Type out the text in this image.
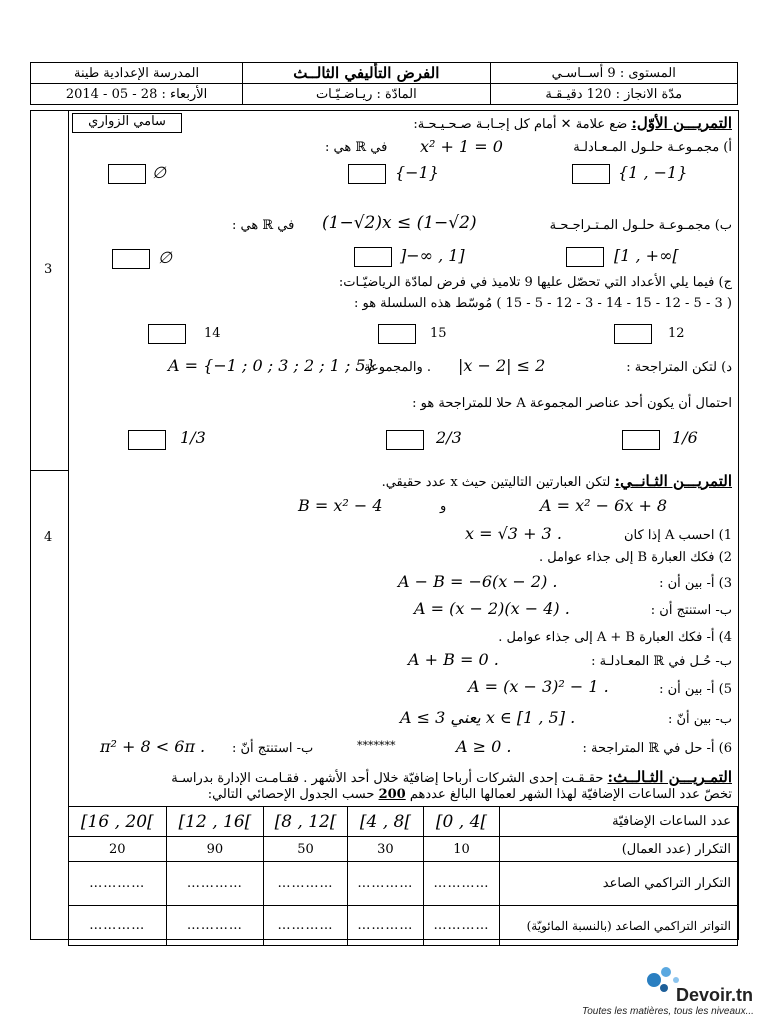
المدرسة الإعدادية طينة	الفرض التأليفي الثالــث	المستوى : 9 أســاسـي
الأربعاء : 28 - 05 - 2014	المادّة : ريـاضـيّـات	مدّة الانجاز : 120 دقيـقـة
3
4
سامي الزواري	التمريـــن الأوّل: ضع علامة ✕ أمام كل إجـابـة صـحـيـحـة:
أ) مجمـوعـة حلـول المـعـادلـة
x² + 1 = 0
في ℝ هي :
{1 , −1}
{−1}
∅
ب) مجمـوعـة حلـول المـتـراجـحـة
(1−√2)x ≤ (1−√2)
في ℝ هي :
[1 , +∞[
]−∞ , 1]
∅
ج) فيما يلي الأعداد التي تحصّل عليها 9 تلاميذ في فرض لمادّة الرياضيّـات:
( 3 - 5 - 12 - 15 - 14 - 3 - 12 - 5 - 15 ) مُوسّط هذه السلسلة هو :
12
15
14
د) لتكن المتراجحة :
|x − 2| ≤ 2
. والمجموعة
A = {−1 ; 0 ; 3 ; 2 ; 1 ; 5}
احتمال أن يكون أحد عناصر المجموعة A حلا للمتراجحة هو :
1/6
2/3
1/3
التمريـــن الثـانــي: لتكن العبارتين التاليتين حيث x عدد حقيقي.
A = x² − 6x + 8
و
B = x² − 4
1) احسب A إذا كان
x = √3 + 3 .
2) فكك العبارة B إلى جذاء عوامل .
3) أ- بين أن :
A − B = −6(x − 2) .
ب- استنتج أن :
A = (x − 2)(x − 4) .
4) أ- فكك العبارة A + B إلى جذاء عوامل .
ب- حُـل في ℝ المعـادلـة :
A + B = 0 .
5) أ- بين أن :
A = (x − 3)² − 1 .
ب- بين أنّ :
A ≤ 3 يعني x ∈ [1 , 5] .
6) أ- حل في ℝ المتراجحة :
A ≥ 0 .
*******
ب- استنتج أنّ :
π² + 8 < 6π .
التمـريـــن الثـالــث: حقـقـت إحدى الشركات أرباحا إضافيّة خلال أحد الأشهر . فقـامـت الإدارة بدراسـة
تخصّ عدد الساعات الإضافيّة لهذا الشهر لعمالها البالغ عددهم 200 حسب الجدول الإحصائي التالي:
[16 , 20[	[12 , 16[	[8 , 12[	[4 , 8[	[0 , 4[	عدد الساعات الإضافيّة
20	90	50	30	10	التكرار (عدد العمال)
…………	…………	…………	…………	…………	التكرار التراكمي الصاعد
…………	…………	…………	…………	…………	التواتر التراكمي الصاعد (بالنسبة المائويّة)
Devoir.tn
Toutes les matières, tous les niveaux...
